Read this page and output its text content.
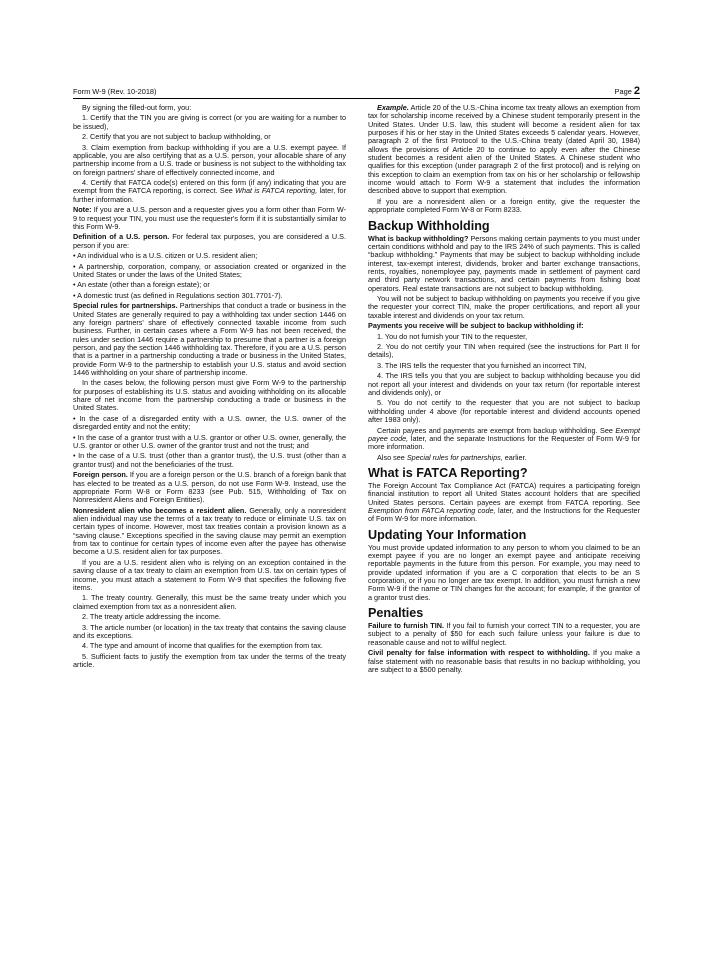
Form W-9 (Rev. 10-2018)	Page 2

By signing the filled-out form, you:

1. Certify that the TIN you are giving is correct (or you are waiting for a number to be issued),

2. Certify that you are not subject to backup withholding, or

3. Claim exemption from backup withholding if you are a U.S. exempt payee. If applicable, you are also certifying that as a U.S. person, your allocable share of any partnership income from a U.S. trade or business is not subject to the withholding tax on foreign partners' share of effectively connected income, and

4. Certify that FATCA code(s) entered on this form (if any) indicating that you are exempt from the FATCA reporting, is correct. See What is FATCA reporting, later, for further information.

Note: If you are a U.S. person and a requester gives you a form other than Form W-9 to request your TIN, you must use the requester's form if it is substantially similar to this Form W-9.

Definition of a U.S. person. For federal tax purposes, you are considered a U.S. person if you are:

• An individual who is a U.S. citizen or U.S. resident alien;

• A partnership, corporation, company, or association created or organized in the United States or under the laws of the United States;

• An estate (other than a foreign estate); or

• A domestic trust (as defined in Regulations section 301.7701-7).

Special rules for partnerships. Partnerships that conduct a trade or business in the United States are generally required to pay a withholding tax under section 1446 on any foreign partners' share of effectively connected taxable income from such business. Further, in certain cases where a Form W-9 has not been received, the rules under section 1446 require a partnership to presume that a partner is a foreign person, and pay the section 1446 withholding tax. Therefore, if you are a U.S. person that is a partner in a partnership conducting a trade or business in the United States, provide Form W-9 to the partnership to establish your U.S. status and avoid section 1446 withholding on your share of partnership income.

In the cases below, the following person must give Form W-9 to the partnership for purposes of establishing its U.S. status and avoiding withholding on its allocable share of net income from the partnership conducting a trade or business in the United States.

• In the case of a disregarded entity with a U.S. owner, the U.S. owner of the disregarded entity and not the entity;

• In the case of a grantor trust with a U.S. grantor or other U.S. owner, generally, the U.S. grantor or other U.S. owner of the grantor trust and not the trust; and

• In the case of a U.S. trust (other than a grantor trust), the U.S. trust (other than a grantor trust) and not the beneficiaries of the trust.

Foreign person. If you are a foreign person or the U.S. branch of a foreign bank that has elected to be treated as a U.S. person, do not use Form W-9. Instead, use the appropriate Form W-8 or Form 8233 (see Pub. 515, Withholding of Tax on Nonresident Aliens and Foreign Entities).

Nonresident alien who becomes a resident alien. Generally, only a nonresident alien individual may use the terms of a tax treaty to reduce or eliminate U.S. tax on certain types of income. However, most tax treaties contain a provision known as a “saving clause.” Exceptions specified in the saving clause may permit an exemption from tax to continue for certain types of income even after the payee has otherwise become a U.S. resident alien for tax purposes.

If you are a U.S. resident alien who is relying on an exception contained in the saving clause of a tax treaty to claim an exemption from U.S. tax on certain types of income, you must attach a statement to Form W-9 that specifies the following five items.

1. The treaty country. Generally, this must be the same treaty under which you claimed exemption from tax as a nonresident alien.

2. The treaty article addressing the income.

3. The article number (or location) in the tax treaty that contains the saving clause and its exceptions.

4. The type and amount of income that qualifies for the exemption from tax.

5. Sufficient facts to justify the exemption from tax under the terms of the treaty article.

Example. Article 20 of the U.S.-China income tax treaty allows an exemption from tax for scholarship income received by a Chinese student temporarily present in the United States. Under U.S. law, this student will become a resident alien for tax purposes if his or her stay in the United States exceeds 5 calendar years. However, paragraph 2 of the first Protocol to the U.S.-China treaty (dated April 30, 1984) allows the provisions of Article 20 to continue to apply even after the Chinese student becomes a resident alien of the United States. A Chinese student who qualifies for this exception (under paragraph 2 of the first protocol) and is relying on this exception to claim an exemption from tax on his or her scholarship or fellowship income would attach to Form W-9 a statement that includes the information described above to support that exemption.

If you are a nonresident alien or a foreign entity, give the requester the appropriate completed Form W-8 or Form 8233.

Backup Withholding

What is backup withholding? Persons making certain payments to you must under certain conditions withhold and pay to the IRS 24% of such payments. This is called “backup withholding.” Payments that may be subject to backup withholding include interest, tax-exempt interest, dividends, broker and barter exchange transactions, rents, royalties, nonemployee pay, payments made in settlement of payment card and third party network transactions, and certain payments from fishing boat operators. Real estate transactions are not subject to backup withholding.

You will not be subject to backup withholding on payments you receive if you give the requester your correct TIN, make the proper certifications, and report all your taxable interest and dividends on your tax return.

Payments you receive will be subject to backup withholding if:

1. You do not furnish your TIN to the requester,

2. You do not certify your TIN when required (see the instructions for Part II for details),

3. The IRS tells the requester that you furnished an incorrect TIN,

4. The IRS tells you that you are subject to backup withholding because you did not report all your interest and dividends on your tax return (for reportable interest and dividends only), or

5. You do not certify to the requester that you are not subject to backup withholding under 4 above (for reportable interest and dividend accounts opened after 1983 only).

Certain payees and payments are exempt from backup withholding. See Exempt payee code, later, and the separate Instructions for the Requester of Form W-9 for more information.

Also see Special rules for partnerships, earlier.

What is FATCA Reporting?

The Foreign Account Tax Compliance Act (FATCA) requires a participating foreign financial institution to report all United States account holders that are specified United States persons. Certain payees are exempt from FATCA reporting. See Exemption from FATCA reporting code, later, and the Instructions for the Requester of Form W-9 for more information.

Updating Your Information

You must provide updated information to any person to whom you claimed to be an exempt payee if you are no longer an exempt payee and anticipate receiving reportable payments in the future from this person. For example, you may need to provide updated information if you are a C corporation that elects to be an S corporation, or if you no longer are tax exempt. In addition, you must furnish a new Form W-9 if the name or TIN changes for the account; for example, if the grantor of a grantor trust dies.

Penalties

Failure to furnish TIN. If you fail to furnish your correct TIN to a requester, you are subject to a penalty of $50 for each such failure unless your failure is due to reasonable cause and not to willful neglect.

Civil penalty for false information with respect to withholding. If you make a false statement with no reasonable basis that results in no backup withholding, you are subject to a $500 penalty.
